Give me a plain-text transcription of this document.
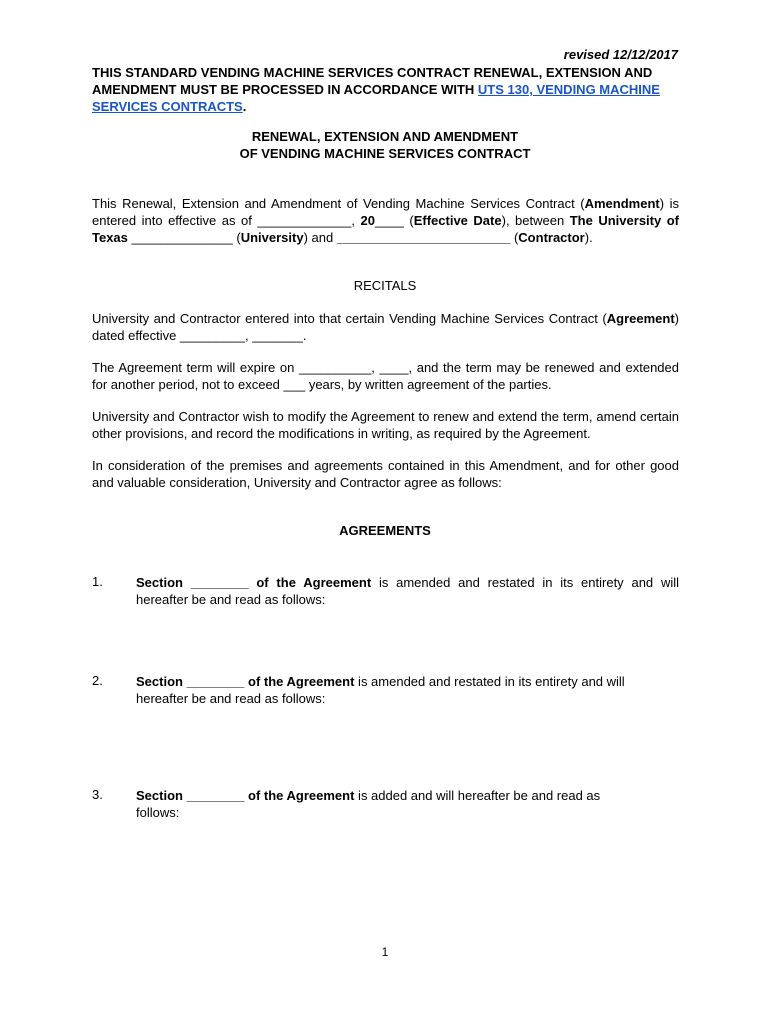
revised 12/12/2017
THIS STANDARD VENDING MACHINE SERVICES CONTRACT RENEWAL, EXTENSION AND AMENDMENT MUST BE PROCESSED IN ACCORDANCE WITH UTS 130, VENDING MACHINE SERVICES CONTRACTS.
RENEWAL, EXTENSION AND AMENDMENT
OF VENDING MACHINE SERVICES CONTRACT
This Renewal, Extension and Amendment of Vending Machine Services Contract (Amendment) is entered into effective as of _____________, 20____ (Effective Date), between The University of Texas ______________ (University) and ________________________ (Contractor).
RECITALS
University and Contractor entered into that certain Vending Machine Services Contract (Agreement) dated effective _________, _______.
The Agreement term will expire on __________, ____, and the term may be renewed and extended for another period, not to exceed ___ years, by written agreement of the parties.
University and Contractor wish to modify the Agreement to renew and extend the term, amend certain other provisions, and record the modifications in writing, as required by the Agreement.
In consideration of the premises and agreements contained in this Amendment, and for other good and valuable consideration, University and Contractor agree as follows:
AGREEMENTS
1.	Section ________ of the Agreement is amended and restated in its entirety and will hereafter be and read as follows:
2.	Section ________ of the Agreement is amended and restated in its entirety and will hereafter be and read as follows:
3.	Section ________ of the Agreement is added and will hereafter be and read as follows:
1
